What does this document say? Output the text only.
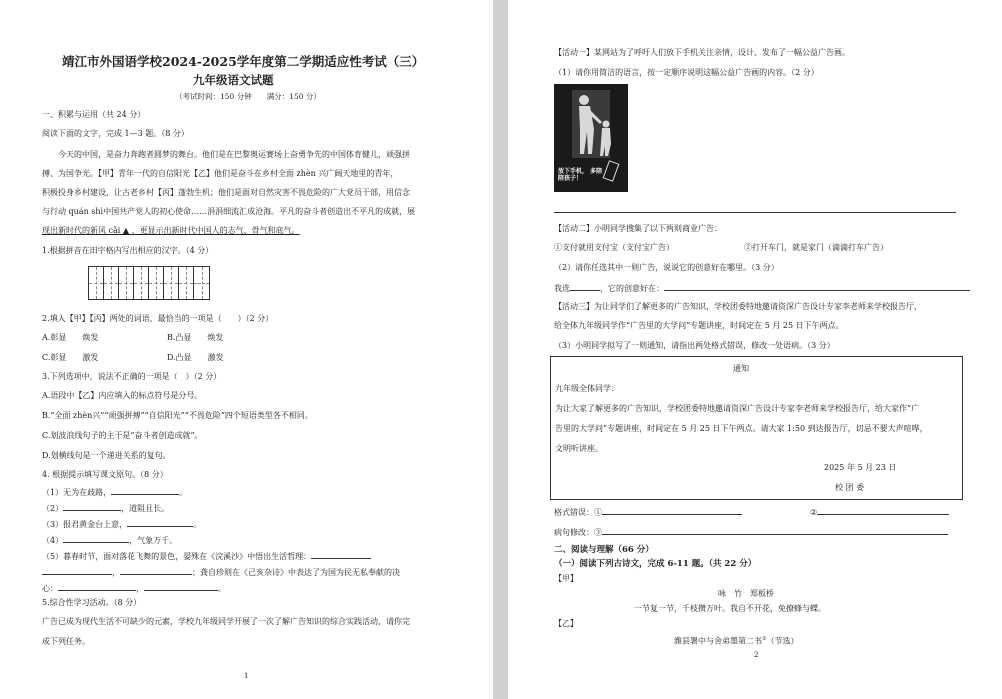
靖江市外国语学校2024-2025学年度第二学期适应性考试（三）
九年级语文试题
（考试时间：150 分钟　　满分：150 分）
一、积累与运用（共 24 分）
阅读下面的文字，完成 1—3 题。（8 分）
今天的中国，是奋力奔跑者圆梦的舞台。他们是在巴黎奥运赛场上奋勇争先的中国体育健儿，顽强拼
搏、为国争光。【甲】青年一代的自信阳光【乙】他们是奋斗在乡村全面 zhèn 兴广阔天地里的青年，
积极投身乡村建设，让古老乡村【丙】蓬勃生机；他们是面对自然灾害不畏危险的广大党员干部，用信念
与行动 quán shì中国共产党人的初心使命……涓涓细流汇成沧海。平凡的奋斗者创造出不平凡的成就，展
现出新时代的新风 cǎi ▲ ，更显示出新时代中国人的志气、骨气和底气。
1.根据拼音在田字格内写出相应的汉字。（4 分）
2.填入【甲】【丙】两处的词语，最恰当的一项是（　　）（2 分）
A.彰显　　焕发	B.凸显　　焕发
C.彰显　　激发	D.凸显　　激发
3.下列选项中，说法不正确的一项是（　）（2 分）
A.语段中【乙】内应填入的标点符号是分号。
B.“全面 zhèn兴”“顽强拼搏”“自信阳光”“不畏危险”四个短语类型各不相同。
C.划波浪线句子的主干是“奋斗者创造成就”。
D.划横线句是一个递进关系的复句。
4. 根据提示填写课文原句。（8 分）
（1）无为在歧路，	。
（2）	，道阻且长。
（3）报君黄金台上意，	。
（4）	，气象万千。
（5）暮春时节，面对落花飞舞的景色，晏殊在《浣溪沙》中悟出生活哲理：
，	；龚自珍则在《己亥杂诗》中表达了为国为民无私奉献的决
心：	，	。
5.综合性学习活动。（8 分）
广告已成为现代生活不可缺少的元素，学校九年级同学开展了一次了解广告知识的综合实践活动，请你完
成下列任务。
1
【活动一】某网站为了呼吁人们放下手机关注亲情，设计、发布了一幅公益广告画。
（1）请你用简洁的语言，按一定顺序说明这幅公益广告画的内容。（2 分）
放下手机， 多陪陪孩子！
【活动二】小明同学搜集了以下两则商业广告：
①支付就用支付宝（支付宝广告）	②打开车门，就是家门（滴滴打车广告）
（2）请你任选其中一则广告，说说它的创意好在哪里。（3 分）
我选	，它的创意好在：
【活动三】为让同学们了解更多的广告知识，学校团委特地邀请资深广告设计专家李老师来学校报告厅，
给全体九年级同学作“广告里的大学问”专题讲座，时间定在 5 月 25 日下午两点。
（3）小明同学拟写了一则通知，请指出两处格式错误，修改一处语病。（3 分）
通知
九年级全体同学：
为让大家了解更多的广告知识，学校团委特地邀请资深广告设计专家李老师来学校报告厅，给大家作“广
告里的大学问”专题讲座，时间定在 5 月 25 日下午两点。请大家 1:50 到达报告厅，切忌不要大声喧哗，
文明听讲座。
2025 年 5 月 23 日
校 团 委
格式错误：①	②
病句修改：③
二、阅读与理解（66 分）
（一）阅读下列古诗文，完成 6-11 题。（共 22 分）
【甲】
咏　竹　郑板桥
一节复一节，千枝攒万叶。我自不开花，免撩蜂与蝶。
【乙】
潍县署中与舍弟墨第二书①（节选）
2
